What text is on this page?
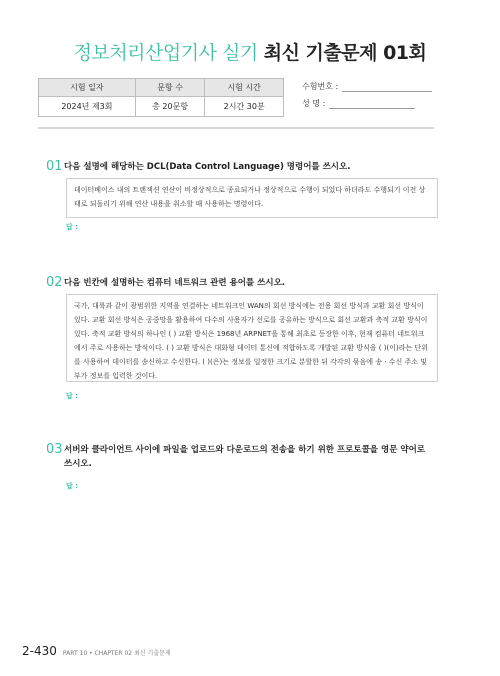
정보처리산업기사 실기 최신 기출문제 01회
시험 일자	문항 수	시험 시간
2024년 제3회	총 20문항	2시간 30분
수험번호 :
성 명 :
01 다음 설명에 해당하는 DCL(Data Control Language) 명령어를 쓰시오.
데이터베이스 내의 트랜잭션 연산이 비정상적으로 종료되거나 정상적으로 수행이 되었다 하더라도 수행되기 이전 상태로 되돌리기 위해 연산 내용을 취소할 때 사용하는 명령이다.
답 :
02 다음 빈칸에 설명하는 컴퓨터 네트워크 관련 용어를 쓰시오.
국가, 대륙과 같이 광범위한 지역을 연결하는 네트워크인 WAN의 회선 방식에는 전용 회선 방식과 교환 회선 방식이 있다. 교환 회선 방식은 공중망을 활용하여 다수의 사용자가 선로를 공유하는 방식으로 회선 교환과 축적 교환 방식이 있다. 축적 교환 방식의 하나인 ( ) 교환 방식은 1968년 ARPNET을 통해 최초로 등장한 이후, 현재 컴퓨터 네트워크에서 주로 사용하는 방식이다. ( ) 교환 방식은 대화형 데이터 통신에 적합하도록 개발된 교환 방식을 ( )(이)라는 단위를 사용하여 데이터를 송신하고 수신한다. ( )(은)는 정보를 일정한 크기로 분할한 뒤 각각의 묶음에 송 · 수신 주소 및 부가 정보를 입력한 것이다.
답 :
03 서버와 클라이언트 사이에 파일을 업로드와 다운로드의 전송을 하기 위한 프로토콜을 영문 약어로 쓰시오.
답 :
2-430 PART 10 • CHAPTER 02 최신 기출문제
